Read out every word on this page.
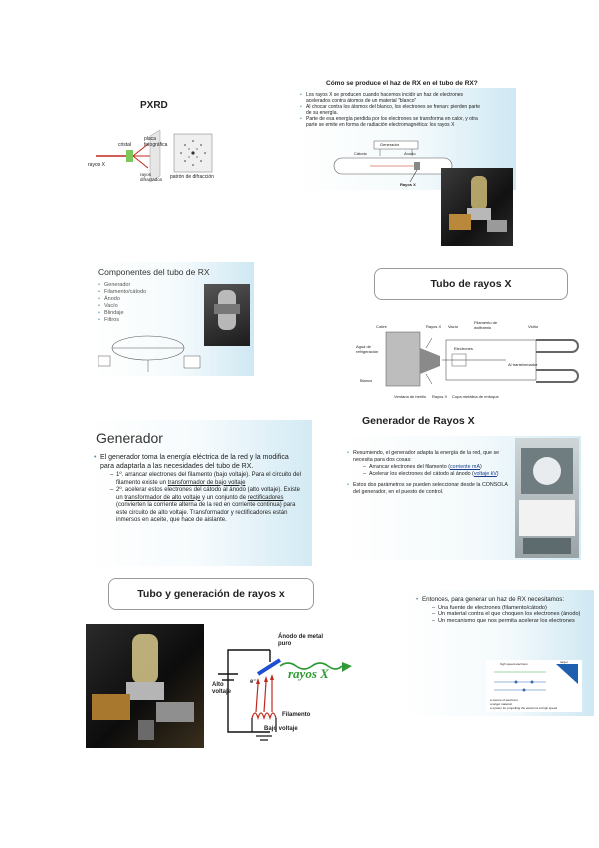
PXRD
cristal
placa fotográfica
rayos X
rayos difractados	patrón de difracción
Cómo se produce el haz de RX en el tubo de RX?
• Los rayos X se producen cuando hacemos incidir un haz de electrones acelerados contra átomos de un material "blanco"
• Al chocar contra los átomos del blanco, los electrones se frenan: pierden parte de su energía.
• Parte de esa energía perdida por los electrones se transforma en calor, y otra parte se emite en forma de radiación electromagnética: los rayos X
Generador
Cátodo	Ánodo
Rayos X
Componentes del tubo de RX
• Generador
• Filamento/cátodo
• Ánodo
• Vacío
• Blindaje
• Filtros
Tubo de rayos X
Cobre	Rayos X Vacío
Filamento de wolframio	Vidrio
Agua de refrigeración
Electrones
Al transformador
Blanco
Ventana de berilio Rayos X Copa metálica de enfoque
Generador de Rayos X
• Resumiendo, el generador adapta la energía de la red, que se necesita para dos cosas:
– Arrancar electrones del filamento (corriente mA)
– Acelerar los electrones del cátodo al ánodo (voltaje kV)
• Estos dos parámetros se pueden seleccionar desde la CONSOLA del generador, en el puesto de control.
Generador
• El generador toma la energía eléctrica de la red y la modifica para adaptarla a las necesidades del tubo de RX.
– 1º. arrancar electrones del filamento (bajo voltaje). Para el circuito del filamento existe un transformador de bajo voltaje
– 2º. acelerar estos electrones del cátodo al ánodo (alto voltaje). Existe un transformador de alto voltaje y un conjunto de rectificadores (convierten la corriente alterna de la red en corriente continua) para este circuito de alto voltaje. Transformador y rectificadores están inmersos en aceite, que hace de aislante.
Tubo y generación de rayos x
Ánodo de metal puro
Alto voltaje
rayos X
e⁻
Filamento
Bajo voltaje
• Entonces, para generar un haz de RX necesitamos:
– Una fuente de electrones (filamento/cátodo)
– Un material contra el que choquen los electrones (ánodo)
– Un mecanismo que nos permita acelerar los electrones
high speed electrons	target
a source of electrons
a target material
a system for propelling the electrons at high speed
